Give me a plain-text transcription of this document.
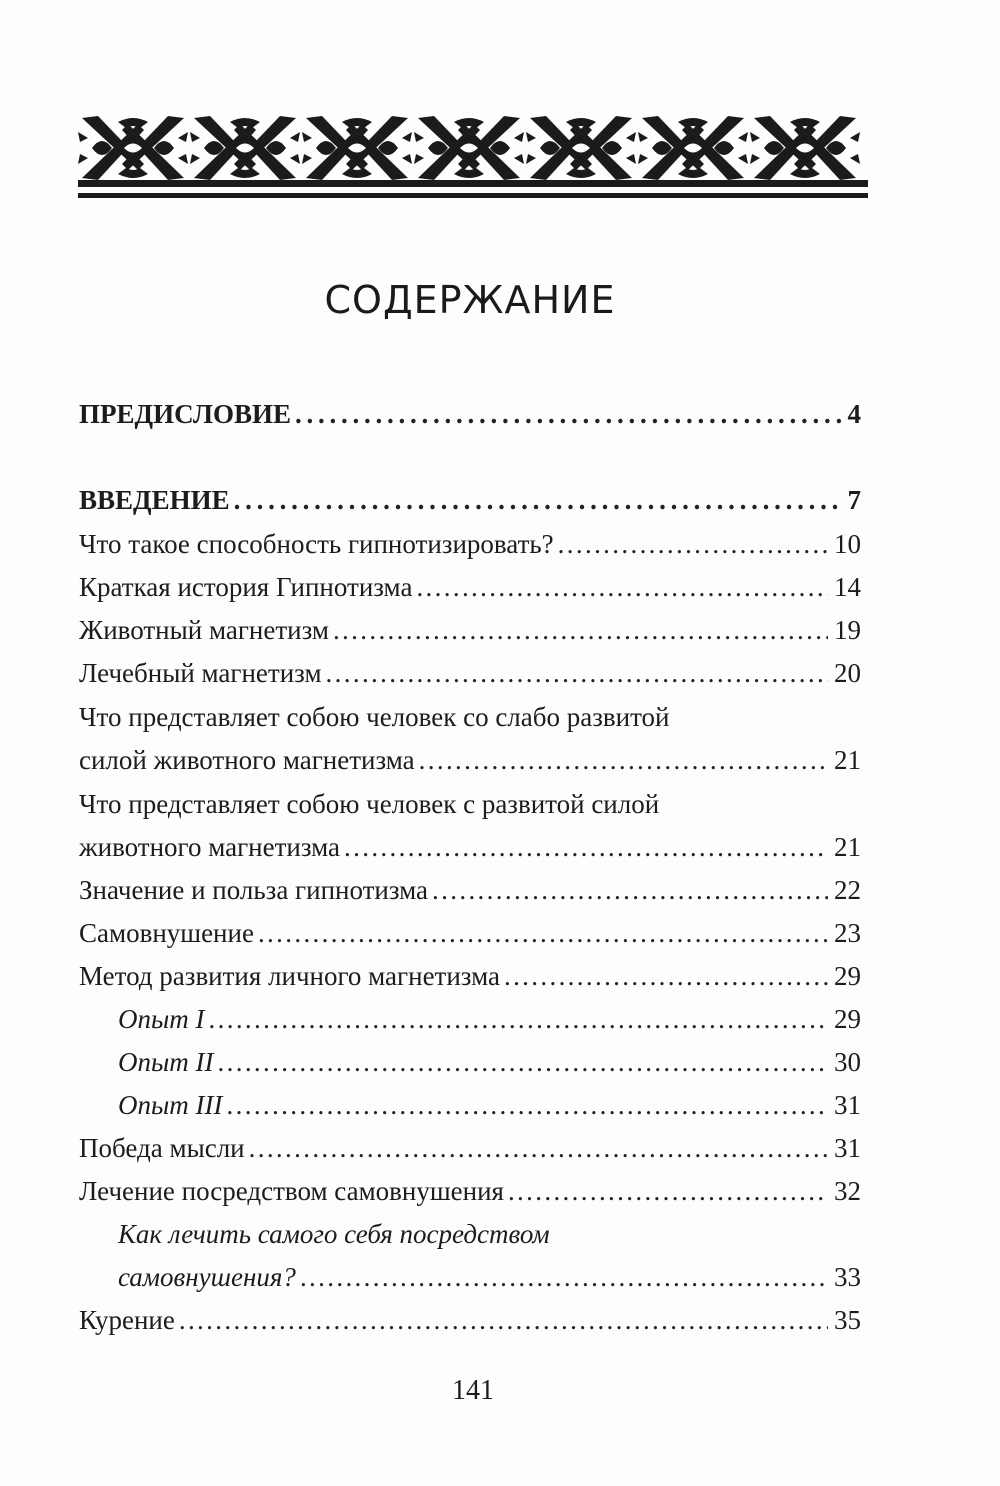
СОДЕРЖАНИЕ
ПРЕДИСЛОВИЕ . . .	4
ВВЕДЕНИЕ . . .	7
Что такое способность гипнотизировать? . . .	10
Краткая история Гипнотизма . . .	14
Животный магнетизм . . .	19
Лечебный магнетизм . . .	20
Что представляет собою человек со слабо развитой
силой животного магнетизма . . .	21
Что представляет собою человек с развитой силой
животного магнетизма . . .	21
Значение и польза гипнотизма . . .	22
Самовнушение . . .	23
Метод развития личного магнетизма . . .	29
Опыт I . . .	29
Опыт II . . .	30
Опыт III . . .	31
Победа мысли . . .	31
Лечение посредством самовнушения . . .	32
Как лечить самого себя посредством
самовнушения? . . .	33
Курение . . .	35
141
